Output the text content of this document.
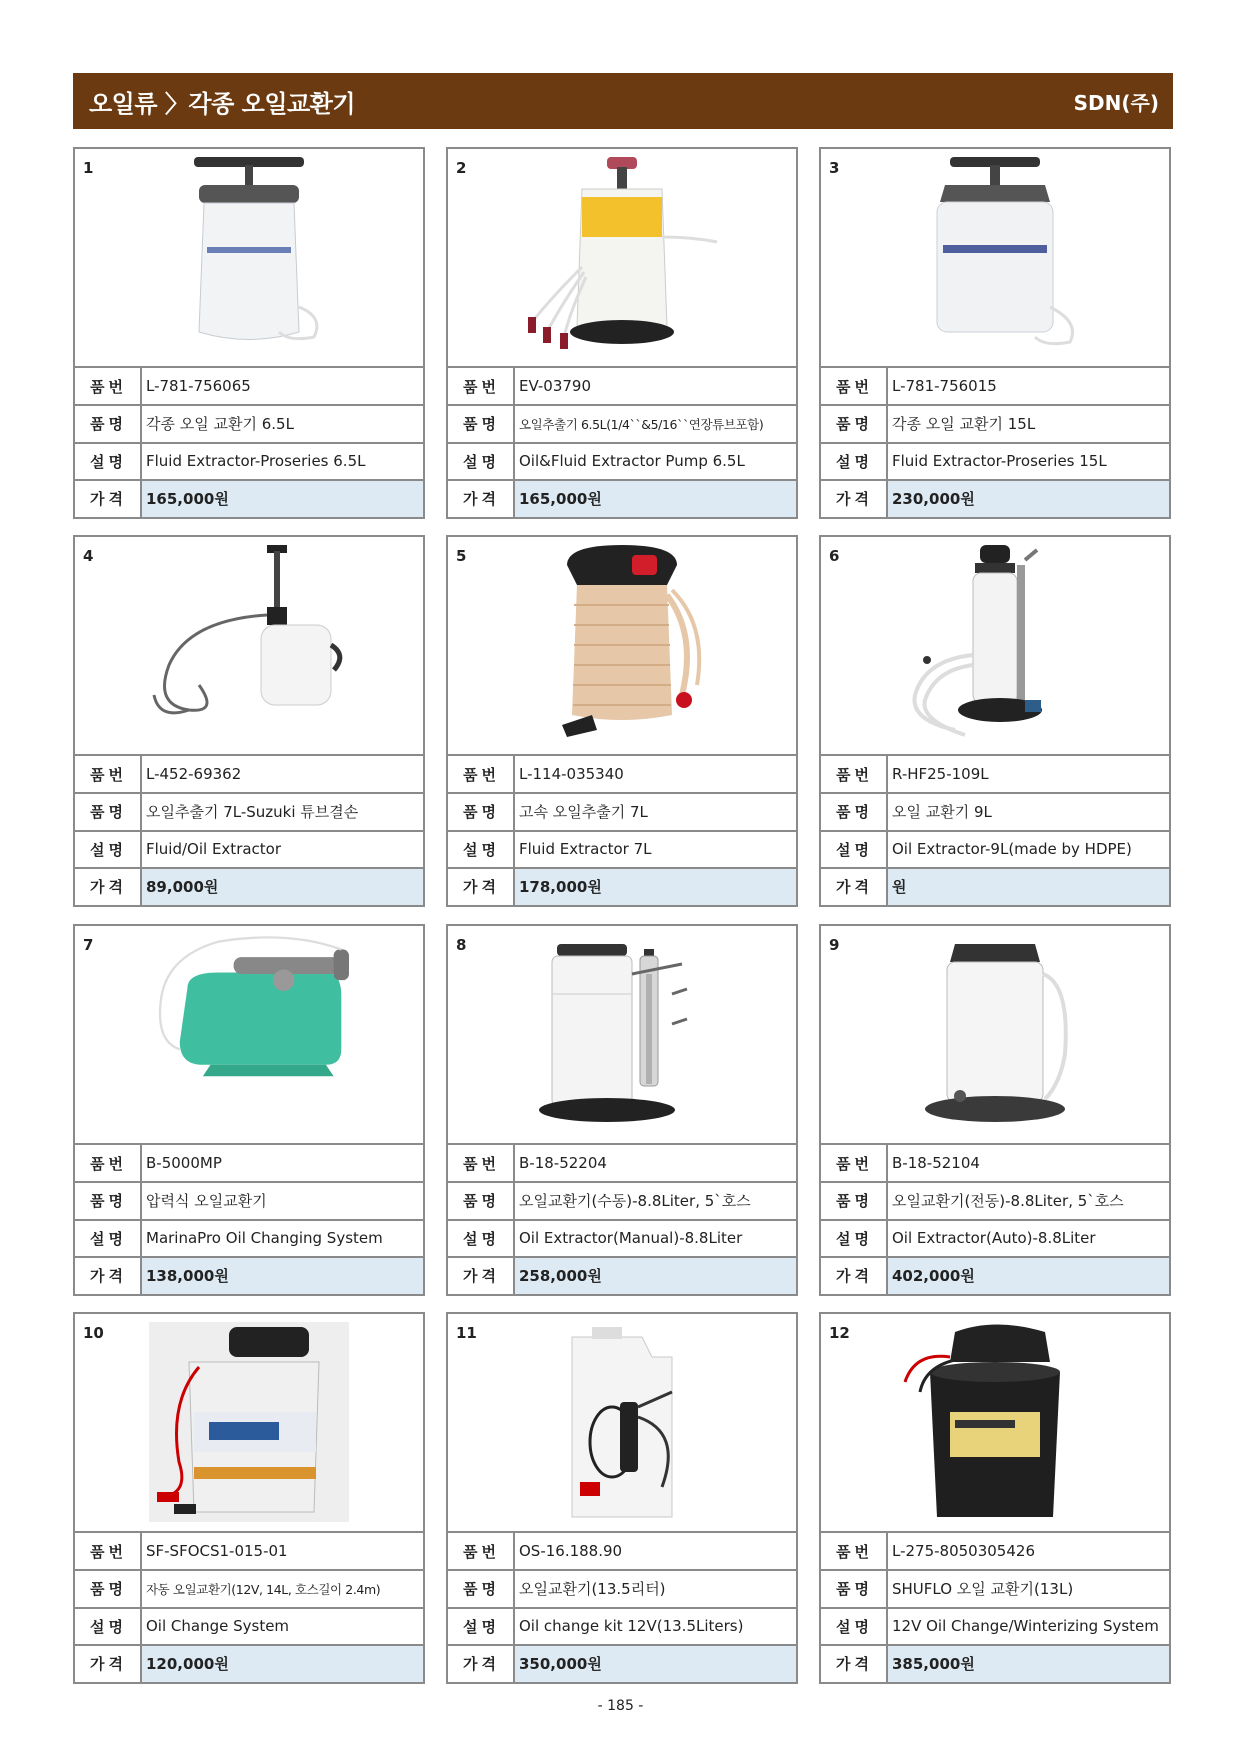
오일류 〉각종 오일교환기	SDN(주)
1
품번	L-781-756065
품명	각종 오일 교환기 6.5L
설명	Fluid Extractor-Proseries 6.5L
가격	165,000원
2
품번	EV-03790
품명	오일추출기 6.5L(1/4``&5/16``연장튜브포함)
설명	Oil&Fluid Extractor Pump 6.5L
가격	165,000원
3
품번	L-781-756015
품명	각종 오일 교환기 15L
설명	Fluid Extractor-Proseries 15L
가격	230,000원
4
품번	L-452-69362
품명	오일추출기 7L-Suzuki 튜브결손
설명	Fluid/Oil Extractor
가격	89,000원
5
품번	L-114-035340
품명	고속 오일추출기 7L
설명	Fluid Extractor 7L
가격	178,000원
6
품번	R-HF25-109L
품명	오일 교환기 9L
설명	Oil Extractor-9L(made by HDPE)
가격	원
7
품번	B-5000MP
품명	압력식 오일교환기
설명	MarinaPro Oil Changing System
가격	138,000원
8
품번	B-18-52204
품명	오일교환기(수동)-8.8Liter, 5`호스
설명	Oil Extractor(Manual)-8.8Liter
가격	258,000원
9
품번	B-18-52104
품명	오일교환기(전동)-8.8Liter, 5`호스
설명	Oil Extractor(Auto)-8.8Liter
가격	402,000원
10
품번	SF-SFOCS1-015-01
품명	자동 오일교환기(12V, 14L, 호스길이 2.4m)
설명	Oil Change System
가격	120,000원
11
품번	OS-16.188.90
품명	오일교환기(13.5리터)
설명	Oil change kit 12V(13.5Liters)
가격	350,000원
12
품번	L-275-8050305426
품명	SHUFLO 오일 교환기(13L)
설명	12V Oil Change/Winterizing System
가격	385,000원
- 185 -
